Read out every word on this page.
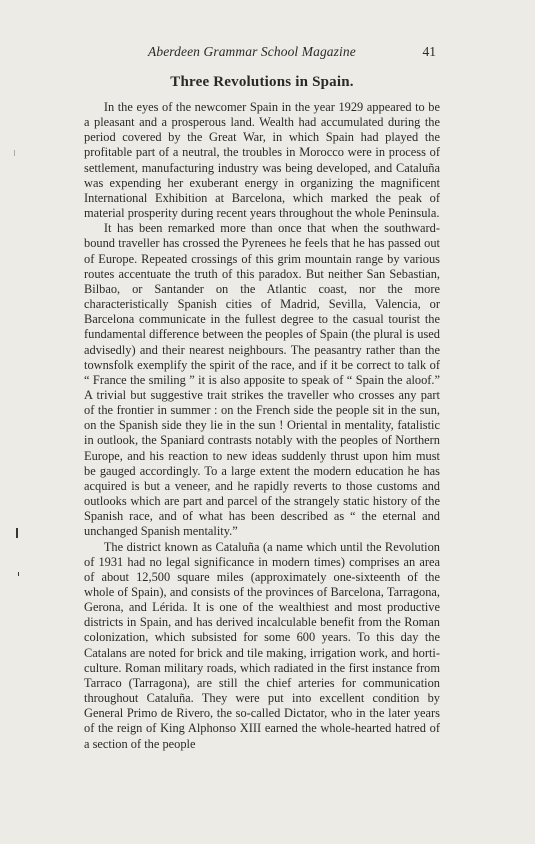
Aberdeen Grammar School Magazine	41
Three Revolutions in Spain.

In the eyes of the newcomer Spain in the year 1929 appeared to be a pleasant and a prosperous land. Wealth had accumulated during the period covered by the Great War, in which Spain had played the profitable part of a neutral, the troubles in Morocco were in process of settlement, manufacturing industry was being developed, and Cataluña was expending her exuberant energy in organizing the magnificent International Exhibition at Barcelona, which marked the peak of material prosperity during recent years throughout the whole Peninsula.

It has been remarked more than once that when the southward-bound traveller has crossed the Pyrenees he feels that he has passed out of Europe. Repeated crossings of this grim mountain range by various routes accentuate the truth of this paradox. But neither San Sebastian, Bilbao, or Santander on the Atlantic coast, nor the more characteristically Spanish cities of Madrid, Sevilla, Valencia, or Barcelona communicate in the fullest degree to the casual tourist the fundamental difference between the peoples of Spain (the plural is used advisedly) and their nearest neighbours. The peasantry rather than the townsfolk exemplify the spirit of the race, and if it be correct to talk of “ France the smiling ” it is also apposite to speak of “ Spain the aloof.” A trivial but suggestive trait strikes the traveller who crosses any part of the frontier in summer : on the French side the people sit in the sun, on the Spanish side they lie in the sun ! Oriental in mentality, fatalistic in outlook, the Spaniard contrasts notably with the peoples of Northern Europe, and his reaction to new ideas suddenly thrust upon him must be gauged accordingly. To a large extent the modern education he has acquired is but a veneer, and he rapidly reverts to those customs and outlooks which are part and parcel of the strangely static history of the Spanish race, and of what has been described as “ the eternal and unchanged Spanish mentality.”

The district known as Cataluña (a name which until the Revolution of 1931 had no legal significance in modern times) comprises an area of about 12,500 square miles (approximately one-sixteenth of the whole of Spain), and consists of the provinces of Barcelona, Tarragona, Gerona, and Lérida. It is one of the wealthiest and most productive districts in Spain, and has derived incalculable benefit from the Roman colonization, which subsisted for some 600 years. To this day the Catalans are noted for brick and tile making, irrigation work, and horticulture. Roman military roads, which radiated in the first instance from Tarraco (Tarragona), are still the chief arteries for communication throughout Cataluña. They were put into excellent condition by General Primo de Rivero, the so-called Dictator, who in the later years of the reign of King Alphonso XIII earned the whole-hearted hatred of a section of the people
